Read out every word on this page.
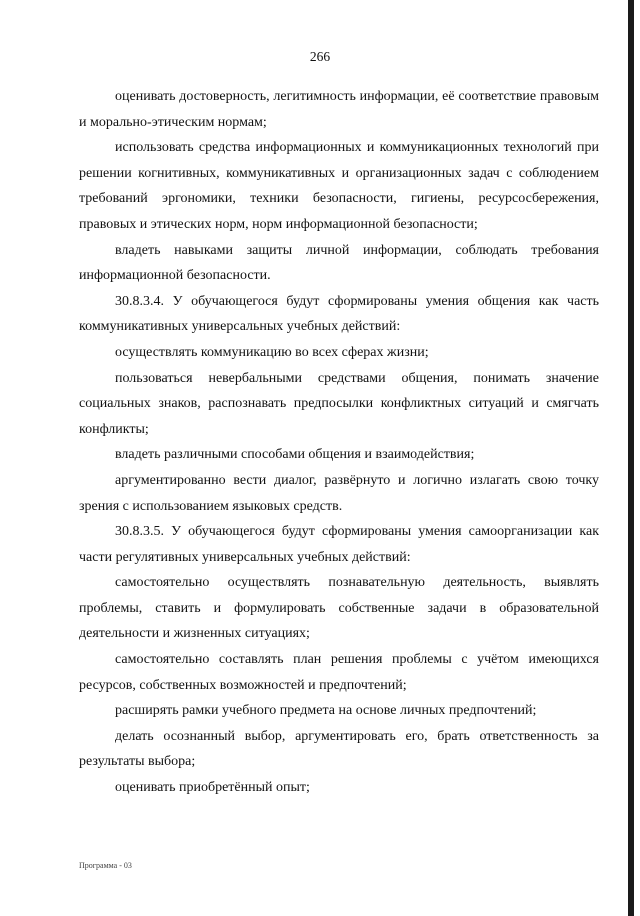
266

оценивать достоверность, легитимность информации, её соответствие правовым и морально-этическим нормам;

использовать средства информационных и коммуникационных технологий при решении когнитивных, коммуникативных и организационных задач с соблюдением требований эргономики, техники безопасности, гигиены, ресурсосбережения, правовых и этических норм, норм информационной безопасности;

владеть навыками защиты личной информации, соблюдать требования информационной безопасности.

30.8.3.4. У обучающегося будут сформированы умения общения как часть коммуникативных универсальных учебных действий:

осуществлять коммуникацию во всех сферах жизни;

пользоваться невербальными средствами общения, понимать значение социальных знаков, распознавать предпосылки конфликтных ситуаций и смягчать конфликты;

владеть различными способами общения и взаимодействия;

аргументированно вести диалог, развёрнуто и логично излагать свою точку зрения с использованием языковых средств.

30.8.3.5. У обучающегося будут сформированы умения самоорганизации как части регулятивных универсальных учебных действий:

самостоятельно осуществлять познавательную деятельность, выявлять проблемы, ставить и формулировать собственные задачи в образовательной деятельности и жизненных ситуациях;

самостоятельно составлять план решения проблемы с учётом имеющихся ресурсов, собственных возможностей и предпочтений;

расширять рамки учебного предмета на основе личных предпочтений;

делать осознанный выбор, аргументировать его, брать ответственность за результаты выбора;

оценивать приобретённый опыт;

Программа - 03
